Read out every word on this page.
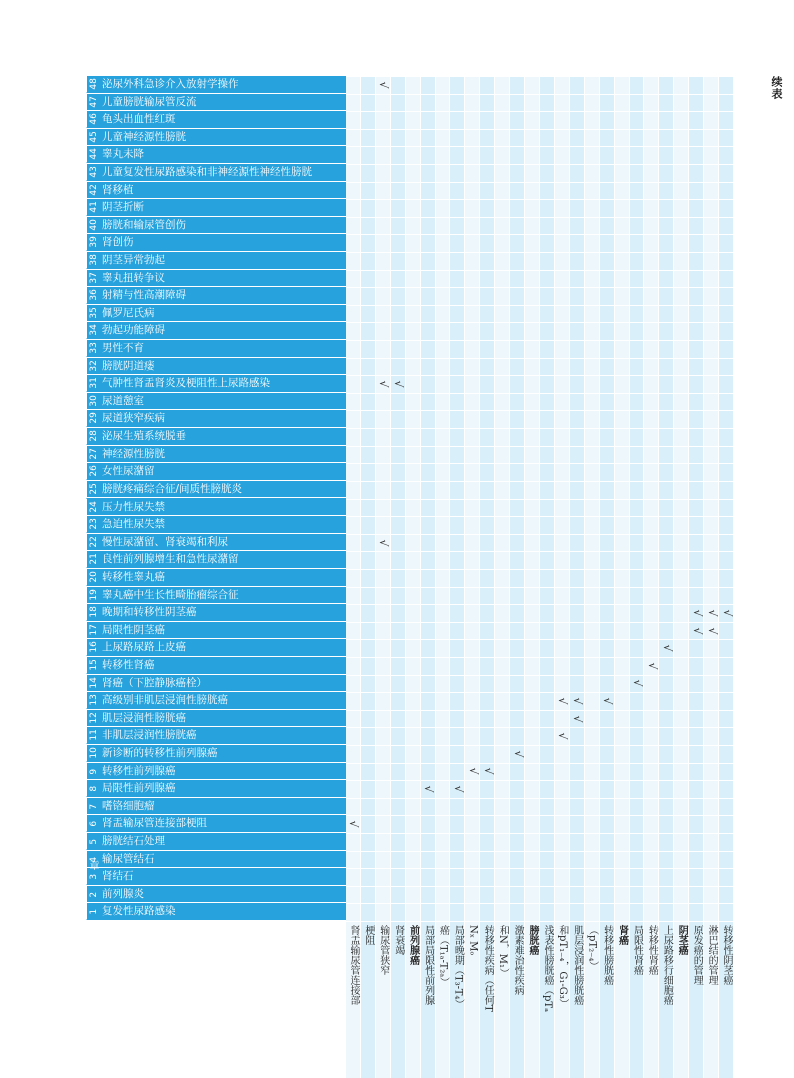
续表
章
1 复发性尿路感染
2 前列腺炎
3 肾结石
4 输尿管结石
5 膀胱结石处理
6 肾盂输尿管连接部梗阻
7 嗜铬细胞瘤
8 局限性前列腺癌
9 转移性前列腺癌
10 新诊断的转移性前列腺癌
11 非肌层浸润性膀胱癌
12 肌层浸润性膀胱癌
13 高级别非肌层浸润性膀胱癌
14 肾癌（下腔静脉癌栓）
15 转移性肾癌
16 上尿路尿路上皮癌
17 局限性阴茎癌
18 晚期和转移性阴茎癌
19 睾丸癌中生长性畸胎瘤综合征
20 转移性睾丸癌
21 良性前列腺增生和急性尿潴留
22 慢性尿潴留、肾衰竭和利尿
23 急迫性尿失禁
24 压力性尿失禁
25 膀胱疼痛综合征/间质性膀胱炎
26 女性尿潴留
27 神经源性膀胱
28 泌尿生殖系统脱垂
29 尿道狭窄疾病
30 尿道憩室
31 气肿性肾盂肾炎及梗阻性上尿路感染
32 膀胱阴道瘘
33 男性不育
34 勃起功能障碍
35 佩罗尼氏病
36 射精与性高潮障碍
37 睾丸扭转争议
38 阴茎异常勃起
39 肾创伤
40 膀胱和输尿管创伤
41 阴茎折断
42 肾移植
43 儿童复发性尿路感染和非神经源性神经性膀胱
44 睾丸未降
45 儿童神经源性膀胱
46 龟头出血性红斑
47 儿童膀胱输尿管反流
48 泌尿外科急诊介入放射学操作
肾盂输尿管连接部 梗阻 输尿管狭窄 肾衰竭 前列腺癌 局部局限性前列腺 癌（T₁ₐ-T₂ₐ） 局部晚期（T₃-T₄） Nₓ Mₒ 转移性疾病（任何T 和N，M₁） 激素难治性疾病 膀胱癌 浅表性膀胱癌（pTₐ 和pT₁₋₄，G₁-G₃） 肌层浸润性膀胱癌 （pT₂₋₄） 转移性膀胱癌 肾癌 局限性肾癌 转移性肾癌 上尿路移行细胞癌 阴茎癌 原发癌的管理 淋巴结的管理 转移性阴茎癌
√
√
√
√
√
√ √
√ √
√
√
√
√
√ √
√
√
√
√
√
√
√ √
